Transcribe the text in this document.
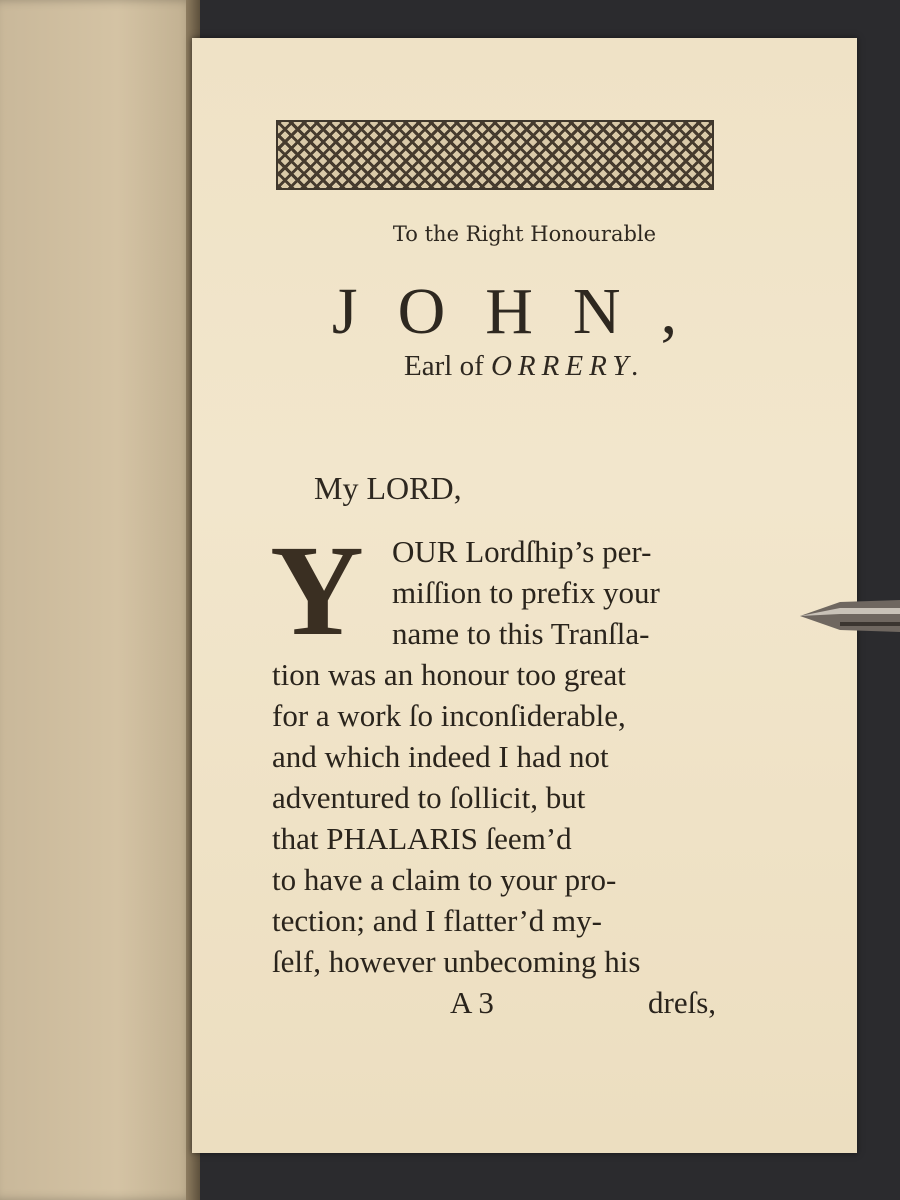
To the Right Honourable
JOHN,
Earl of ORRERY.
My LORD,
Y OUR Lordſhip’s per-
miſſion to prefix your
name to this Tranſla-
tion was an honour too great
for a work ſo inconſiderable,
and which indeed I had not
adventured to ſollicit, but
that PHALARIS ſeem’d
to have a claim to your pro-
tection; and I flatter’d my-
ſelf, however unbecoming his
A 3	dreſs,
